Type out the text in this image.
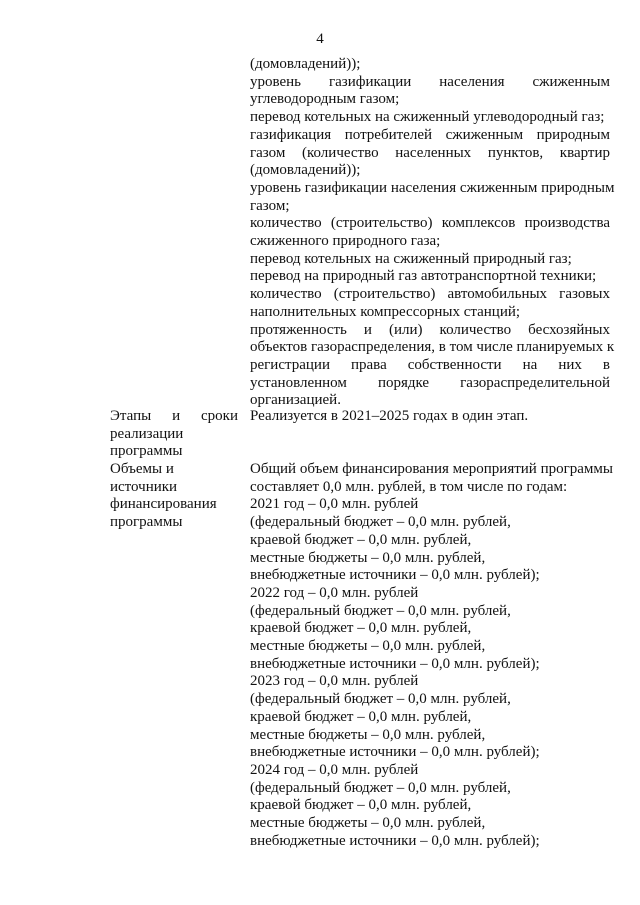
4
(домовладений));
уровень газификации населения сжиженным
углеводородным газом;
перевод котельных на сжиженный углеводородный газ;
газификация потребителей сжиженным природным
газом (количество населенных пунктов, квартир
(домовладений));
уровень газификации населения сжиженным природным
газом;
количество (строительство) комплексов производства
сжиженного природного газа;
перевод котельных на сжиженный природный газ;
перевод на природный газ автотранспортной техники;
количество (строительство) автомобильных газовых
наполнительных компрессорных станций;
протяженность и (или) количество бесхозяйных
объектов газораспределения, в том числе планируемых к
регистрации права собственности на них в
установленном порядке газораспределительной
организацией.
Этапы и сроки
реализации
программы
Реализуется в 2021–2025 годах в один этап.
Объемы и
источники
финансирования
программы
Общий объем финансирования мероприятий программы
составляет 0,0 млн. рублей, в том числе по годам:
2021 год – 0,0 млн. рублей
(федеральный бюджет – 0,0 млн. рублей,
краевой бюджет – 0,0 млн. рублей,
местные бюджеты – 0,0 млн. рублей,
внебюджетные источники – 0,0 млн. рублей);
2022 год – 0,0 млн. рублей
(федеральный бюджет – 0,0 млн. рублей,
краевой бюджет – 0,0 млн. рублей,
местные бюджеты – 0,0 млн. рублей,
внебюджетные источники – 0,0 млн. рублей);
2023 год – 0,0 млн. рублей
(федеральный бюджет – 0,0 млн. рублей,
краевой бюджет – 0,0 млн. рублей,
местные бюджеты – 0,0 млн. рублей,
внебюджетные источники – 0,0 млн. рублей);
2024 год – 0,0 млн. рублей
(федеральный бюджет – 0,0 млн. рублей,
краевой бюджет – 0,0 млн. рублей,
местные бюджеты – 0,0 млн. рублей,
внебюджетные источники – 0,0 млн. рублей);
